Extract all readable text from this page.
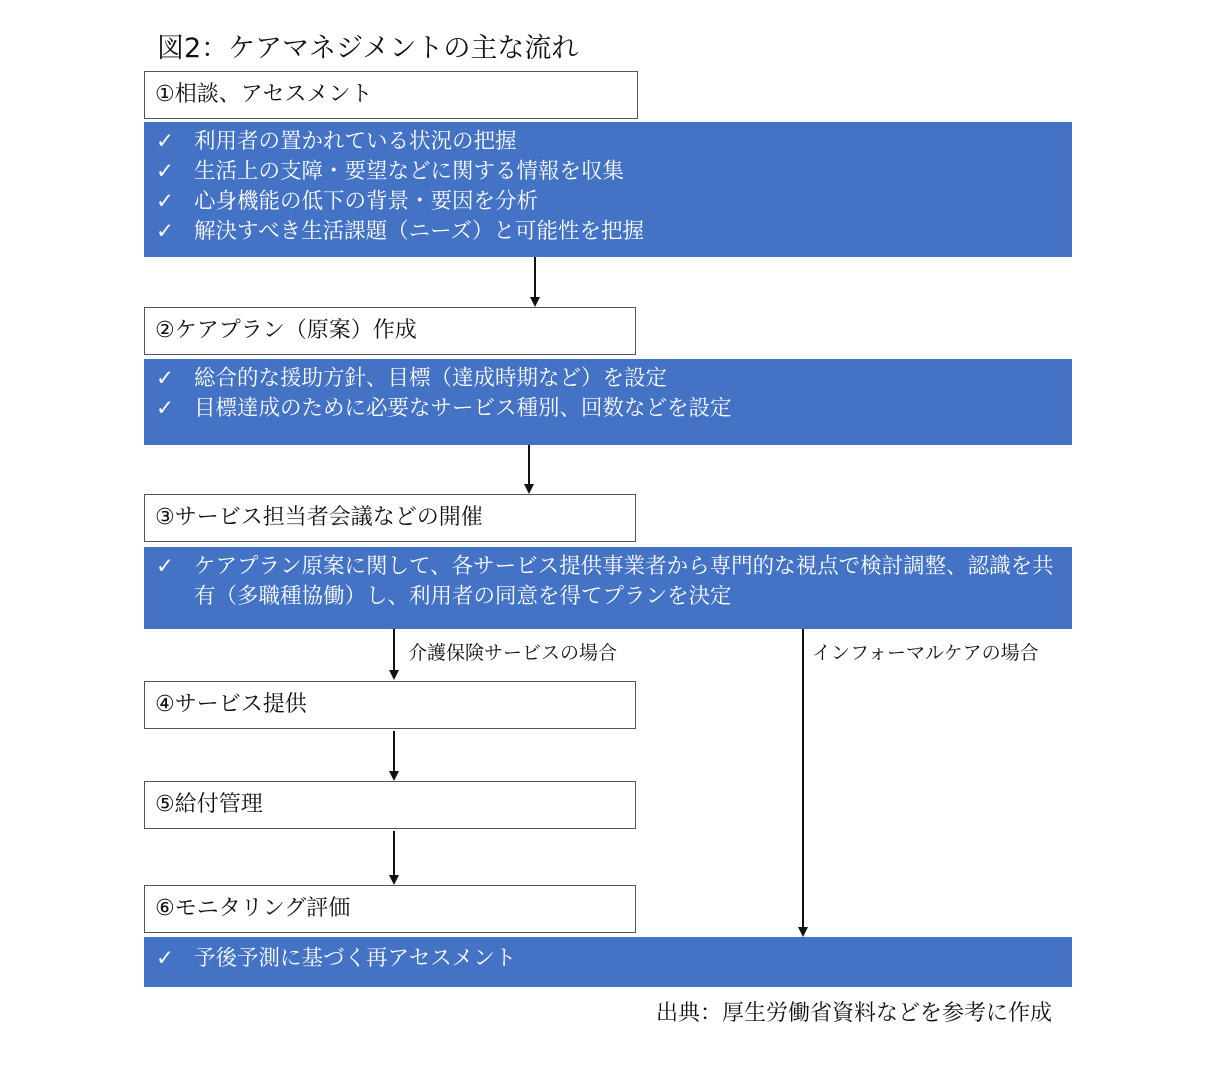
図2：ケアマネジメントの主な流れ
①相談、アセスメント
✓ 利用者の置かれている状況の把握
✓ 生活上の支障・要望などに関する情報を収集
✓ 心身機能の低下の背景・要因を分析
✓ 解決すべき生活課題（ニーズ）と可能性を把握
②ケアプラン（原案）作成
✓ 総合的な援助方針、目標（達成時期など）を設定
✓ 目標達成のために必要なサービス種別、回数などを設定
③サービス担当者会議などの開催
✓ ケアプラン原案に関して、各サービス提供事業者から専門的な視点で検討調整、認識を共有（多職種協働）し、利用者の同意を得てプランを決定
介護保険サービスの場合	インフォーマルケアの場合
④サービス提供
⑤給付管理
⑥モニタリング評価
✓ 予後予測に基づく再アセスメント
出典：厚生労働省資料などを参考に作成
